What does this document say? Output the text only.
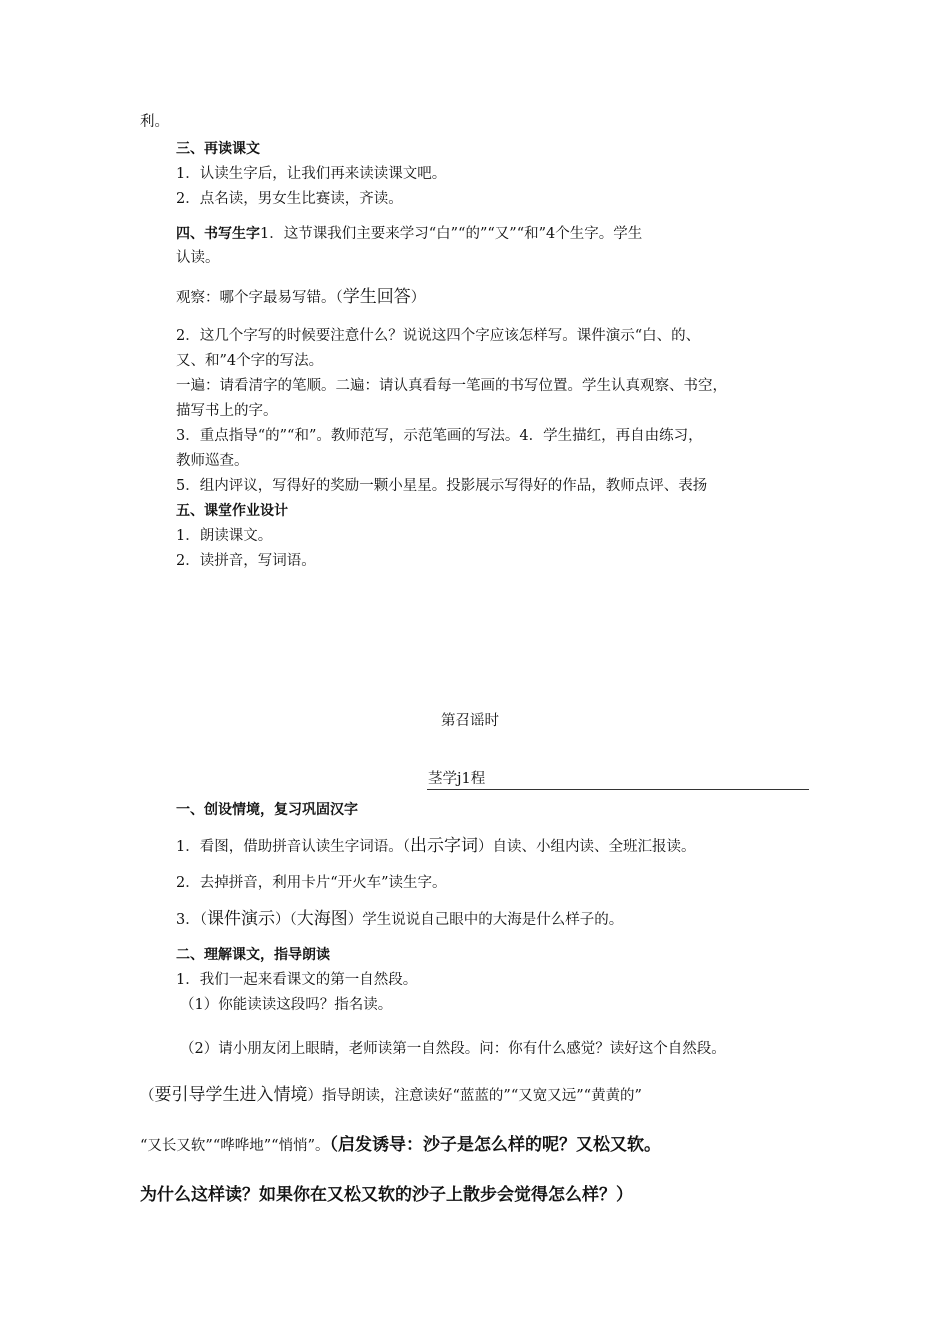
利。
三、再读课文
1．认读生字后，让我们再来读读课文吧。
2．点名读，男女生比赛读，齐读。
四、书写生字1．这节课我们主要来学习“白”“的”“又”“和”4个生字。学生
认读。
观察：哪个字最易写错。（学生回答）
2．这几个字写的时候要注意什么？说说这四个字应该怎样写。课件演示“白、的、
又、和”4个字的写法。
一遍：请看清字的笔顺。二遍：请认真看每一笔画的书写位置。学生认真观察、书空，
描写书上的字。
3．重点指导“的”“和”。教师范写，示范笔画的写法。4．学生描红，再自由练习，
教师巡查。
5．组内评议，写得好的奖励一颗小星星。投影展示写得好的作品，教师点评、表扬
五、课堂作业设计
1．朗读课文。
2．读拼音，写词语。
第召谣时
茎学j1程
一、创设情境，复习巩固汉字
1．看图，借助拼音认读生字词语。（出示字词）自读、小组内读、全班汇报读。
2．去掉拼音，利用卡片“开火车”读生字。
3．（课件演示）（大海图）学生说说自己眼中的大海是什么样子的。
二、理解课文，指导朗读
1．我们一起来看课文的第一自然段。
（1）你能读读这段吗？指名读。
（2）请小朋友闭上眼睛，老师读第一自然段。问：你有什么感觉？读好这个自然段。
（要引导学生进入情境）指导朗读，注意读好“蓝蓝的”“又宽又远”“黄黄的”
“又长又软”“哗哗地”“悄悄”。（启发诱导：沙子是怎么样的呢？又松又软。
为什么这样读？如果你在又松又软的沙子上散步会觉得怎么样？）
